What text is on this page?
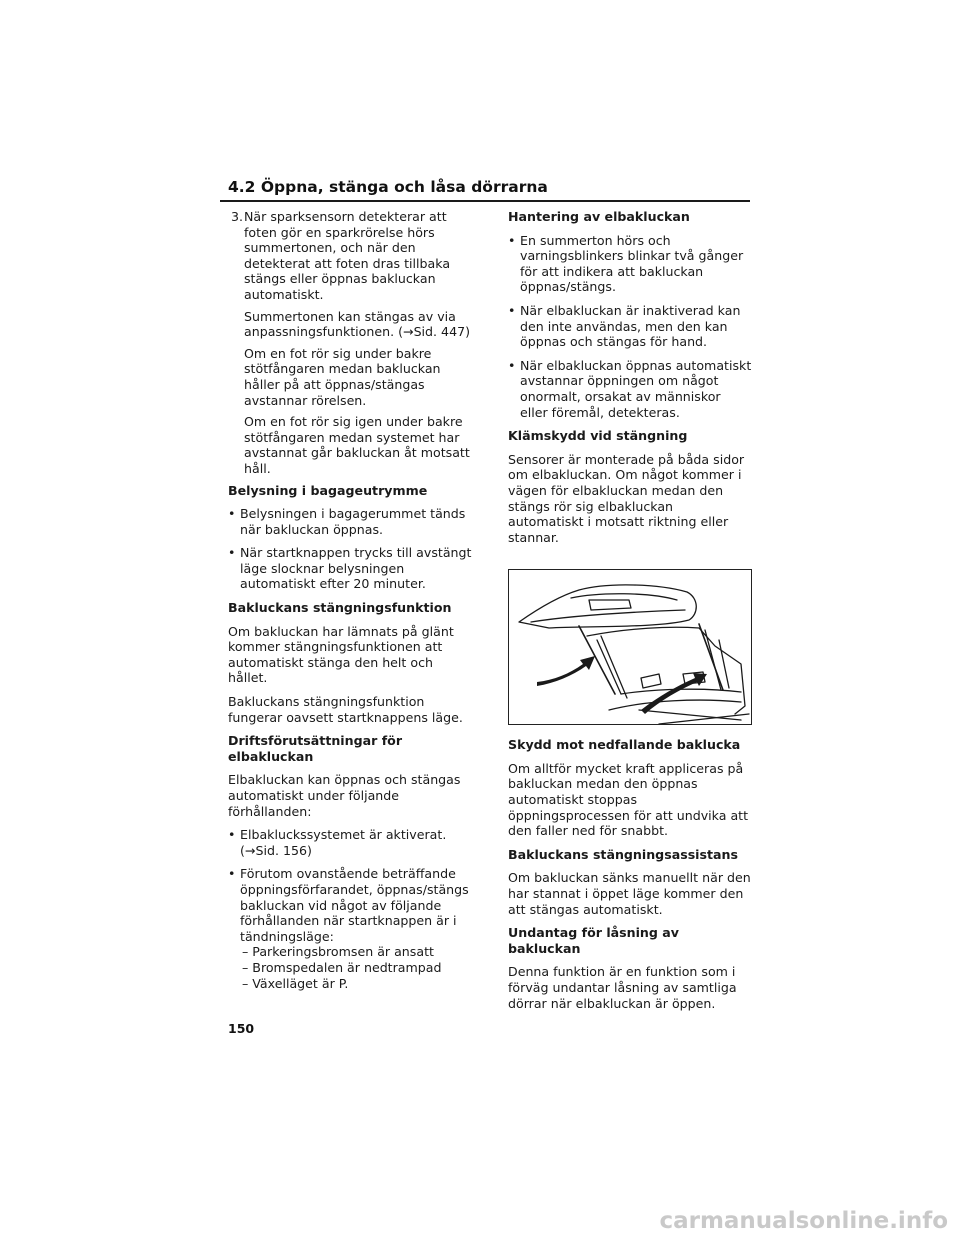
4.2 Öppna, stänga och låsa dörrarna
3. När sparksensorn detekterar att foten gör en sparkrörelse hörs summertonen, och när den detekterat att foten dras tillbaka stängs eller öppnas bakluckan automatiskt.

Summertonen kan stängas av via anpassningsfunktionen. (→Sid. 447)

Om en fot rör sig under bakre stötfångaren medan bakluckan håller på att öppnas/stängas avstannar rörelsen.

Om en fot rör sig igen under bakre stötfångaren medan systemet har avstannat går bakluckan åt motsatt håll.

Belysning i bagageutrymme
• Belysningen i bagagerummet tänds när bakluckan öppnas.
• När startknappen trycks till avstängt läge slocknar belysningen automatiskt efter 20 minuter.
Bakluckans stängningsfunktion

Om bakluckan har lämnats på glänt kommer stängningsfunktionen att automatiskt stänga den helt och hållet.

Bakluckans stängningsfunktion fungerar oavsett startknappens läge.

Driftsförutsättningar för elbakluckan

Elbakluckan kan öppnas och stängas automatiskt under följande förhållanden:

• Elbakluckssystemet är aktiverat. (→Sid. 156)
• Förutom ovanstående beträffande öppningsförfarandet, öppnas/stängs bakluckan vid något av följande förhållanden när startknappen är i tändningsläge:
– Parkeringsbromsen är ansatt
– Bromspedalen är nedtrampad
– Växelläget är P.
Hantering av elbakluckan
• En summerton hörs och varningsblinkers blinkar två gånger för att indikera att bakluckan öppnas/stängs.
• När elbakluckan är inaktiverad kan den inte användas, men den kan öppnas och stängas för hand.
• När elbakluckan öppnas automatiskt avstannar öppningen om något onormalt, orsakat av människor eller föremål, detekteras.
Klämskydd vid stängning

Sensorer är monterade på båda sidor om elbakluckan. Om något kommer i vägen för elbakluckan medan den stängs rör sig elbakluckan automatiskt i motsatt riktning eller stannar.

Skydd mot nedfallande baklucka

Om alltför mycket kraft appliceras på bakluckan medan den öppnas automatiskt stoppas öppningsprocessen för att undvika att den faller ned för snabbt.

Bakluckans stängningsassistans

Om bakluckan sänks manuellt när den har stannat i öppet läge kommer den att stängas automatiskt.

Undantag för låsning av bakluckan

Denna funktion är en funktion som i förväg undantar låsning av samtliga dörrar när elbakluckan är öppen.

150
carmanualsonline.info
